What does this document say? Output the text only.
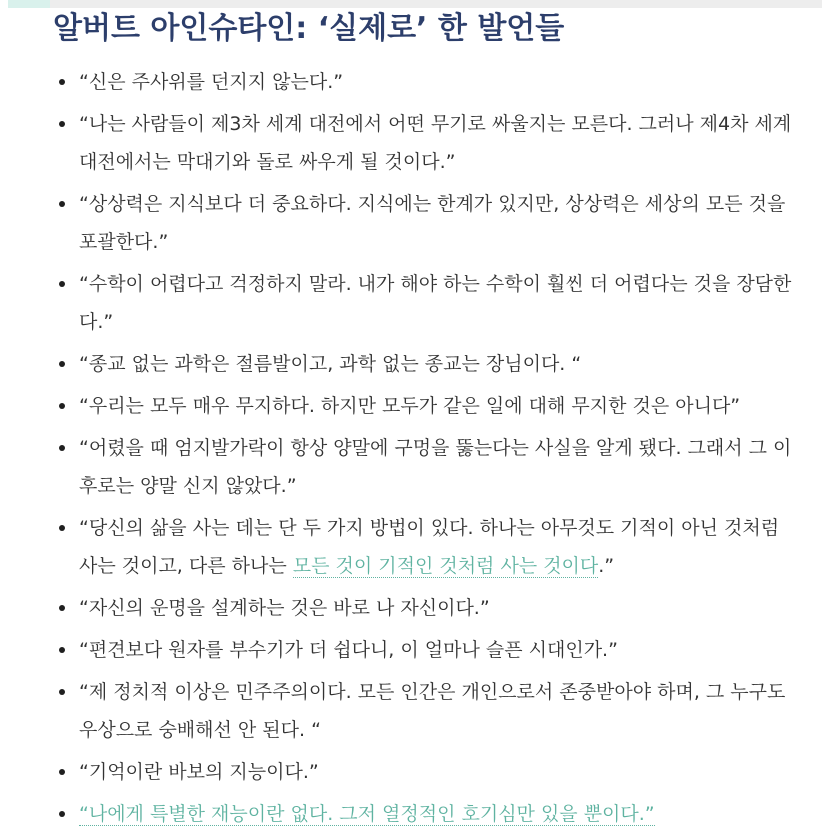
알버트 아인슈타인: ‘실제로’ 한 발언들
“신은 주사위를 던지지 않는다.”
“나는 사람들이 제3차 세계 대전에서 어떤 무기로 싸울지는 모른다. 그러나 제4차 세계 대전에서는 막대기와 돌로 싸우게 될 것이다.”
“상상력은 지식보다 더 중요하다. 지식에는 한계가 있지만, 상상력은 세상의 모든 것을 포괄한다.”
“수학이 어렵다고 걱정하지 말라. 내가 해야 하는 수학이 훨씬 더 어렵다는 것을 장담한다.”
“종교 없는 과학은 절름발이고, 과학 없는 종교는 장님이다. “
“우리는 모두 매우 무지하다. 하지만 모두가 같은 일에 대해 무지한 것은 아니다”
“어렸을 때 엄지발가락이 항상 양말에 구멍을 뚫는다는 사실을 알게 됐다. 그래서 그 이후로는 양말 신지 않았다.”
“당신의 삶을 사는 데는 단 두 가지 방법이 있다. 하나는 아무것도 기적이 아닌 것처럼 사는 것이고, 다른 하나는 모든 것이 기적인 것처럼 사는 것이다.”
“자신의 운명을 설계하는 것은 바로 나 자신이다.”
“편견보다 원자를 부수기가 더 쉽다니, 이 얼마나 슬픈 시대인가.”
“제 정치적 이상은 민주주의이다. 모든 인간은 개인으로서 존중받아야 하며, 그 누구도 우상으로 숭배해선 안 된다. “
“기억이란 바보의 지능이다.”
“나에게 특별한 재능이란 없다. 그저 열정적인 호기심만 있을 뿐이다.”
